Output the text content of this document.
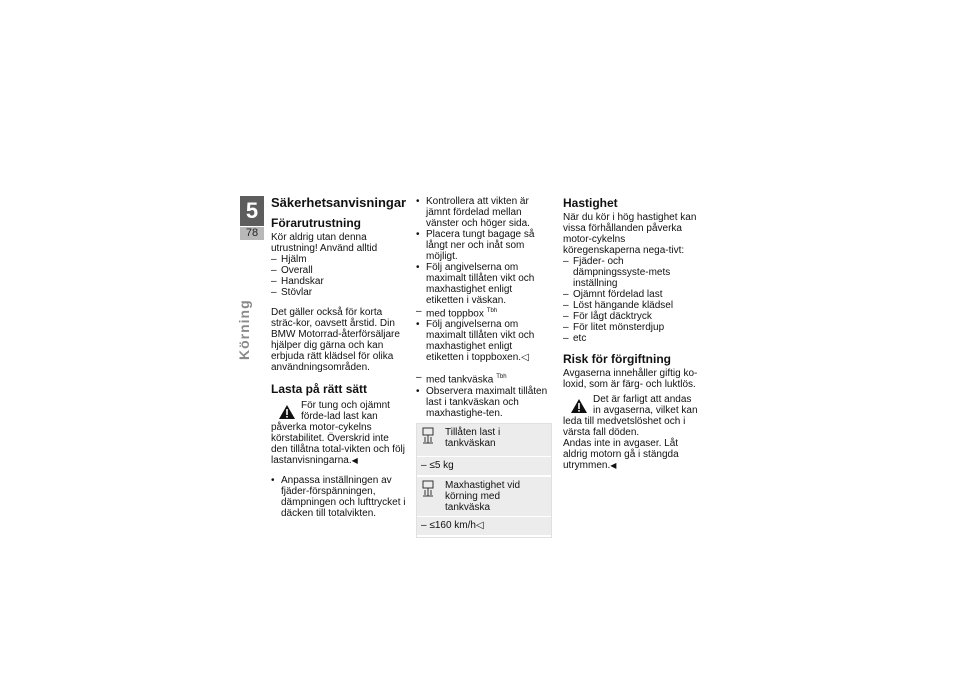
5
78
Körning
Säkerhetsanvisningar
Förarutrustning

Kör aldrig utan denna utrustning! Använd alltid

– Hjälm
– Overall
– Handskar
– Stövlar

Det gäller också för korta sträc-kor, oavsett årstid. Din BMW Motorrad-återförsäljare hjälper dig gärna och kan erbjuda rätt klädsel för olika användningsområden.

Lasta på rätt sätt

För tung och ojämnt förde-lad last kan påverka motor-cykelns körstabilitet. Överskrid inte den tillåtna total-vikten och följ lastanvisningarna.◀

• Anpassa inställningen av fjäder-förspänningen, dämpningen och lufttrycket i däcken till totalvikten.
• Kontrollera att vikten är jämnt fördelad mellan vänster och höger sida.
• Placera tungt bagage så långt ner och inåt som möjligt.
• Följ angivelserna om maximalt tillåten vikt och maxhastighet enligt etiketten i väskan.
– med toppbox $^{Tbh}$
• Följ angivelserna om maximalt tillåten vikt och maxhastighet enligt etiketten i toppboxen.◁
– med tankväska $^{Tbh}$
• Observera maximalt tillåten last i tankväskan och maxhastighe-ten.
Tillåten last i tankväskan
– ≤5 kg
Maxhastighet vid körning med tankväska
– ≤160 km/h◁
Hastighet

När du kör i hög hastighet kan vissa förhållanden påverka motor-cykelns köregenskaperna nega-tivt:

– Fjäder- och dämpningssyste-mets inställning
– Ojämnt fördelad last
– Löst hängande klädsel
– För lågt däcktryck
– För litet mönsterdjup
– etc
Risk för förgiftning

Avgaserna innehåller giftig ko-loxid, som är färg- och luktlös.

Det är farligt att andas in avgaserna, vilket kan leda till medvetslöshet och i värsta fall döden.

Andas inte in avgaser. Låt aldrig motorn gå i stängda utrymmen.◀
